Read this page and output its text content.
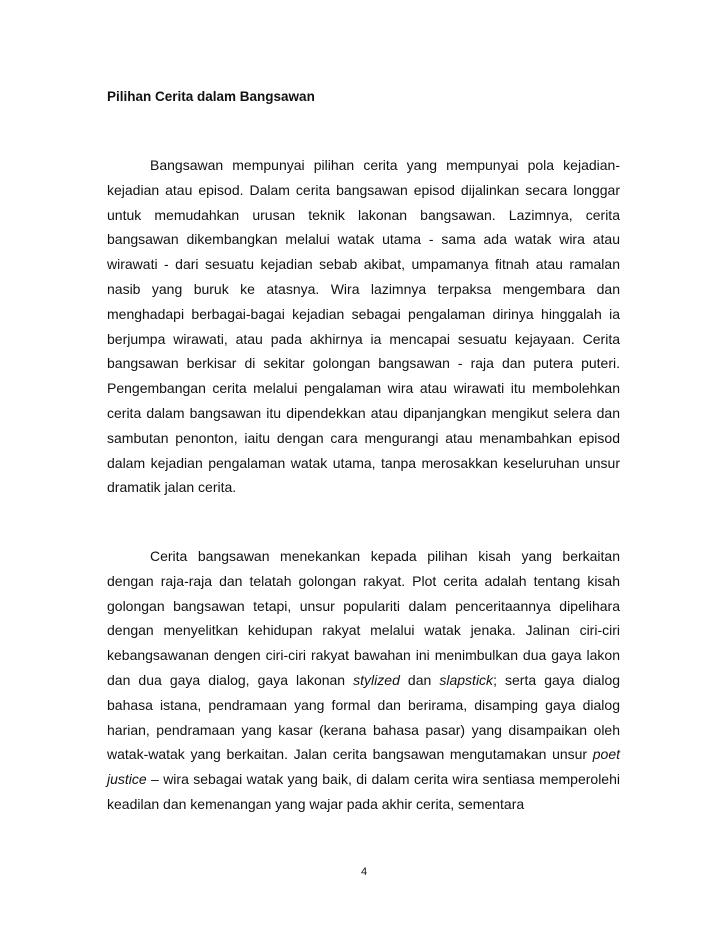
Pilihan Cerita dalam Bangsawan

Bangsawan mempunyai pilihan cerita yang mempunyai pola kejadian-kejadian atau episod. Dalam cerita bangsawan episod dijalinkan secara longgar untuk memudahkan urusan teknik lakonan bangsawan. Lazimnya, cerita bangsawan dikembangkan melalui watak utama - sama ada watak wira atau wirawati - dari sesuatu kejadian sebab akibat, umpamanya fitnah atau ramalan nasib yang buruk ke atasnya. Wira lazimnya terpaksa mengembara dan menghadapi berbagai-bagai kejadian sebagai pengalaman dirinya hinggalah ia berjumpa wirawati, atau pada akhirnya ia mencapai sesuatu kejayaan. Cerita bangsawan berkisar di sekitar golongan bangsawan - raja dan putera puteri. Pengembangan cerita melalui pengalaman wira atau wirawati itu membolehkan cerita dalam bangsawan itu dipendekkan atau dipanjangkan mengikut selera dan sambutan penonton, iaitu dengan cara mengurangi atau menambahkan episod dalam kejadian pengalaman watak utama, tanpa merosakkan keseluruhan unsur dramatik jalan cerita.

Cerita bangsawan menekankan kepada pilihan kisah yang berkaitan dengan raja-raja dan telatah golongan rakyat. Plot cerita adalah tentang kisah golongan bangsawan tetapi, unsur populariti dalam penceritaannya dipelihara dengan menyelitkan kehidupan rakyat melalui watak jenaka. Jalinan ciri-ciri kebangsawanan dengen ciri-ciri rakyat bawahan ini menimbulkan dua gaya lakon dan dua gaya dialog, gaya lakonan stylized dan slapstick; serta gaya dialog bahasa istana, pendramaan yang formal dan berirama, disamping gaya dialog harian, pendramaan yang kasar (kerana bahasa pasar) yang disampaikan oleh watak-watak yang berkaitan. Jalan cerita bangsawan mengutamakan unsur poet justice – wira sebagai watak yang baik, di dalam cerita wira sentiasa memperolehi keadilan dan kemenangan yang wajar pada akhir cerita, sementara

4
